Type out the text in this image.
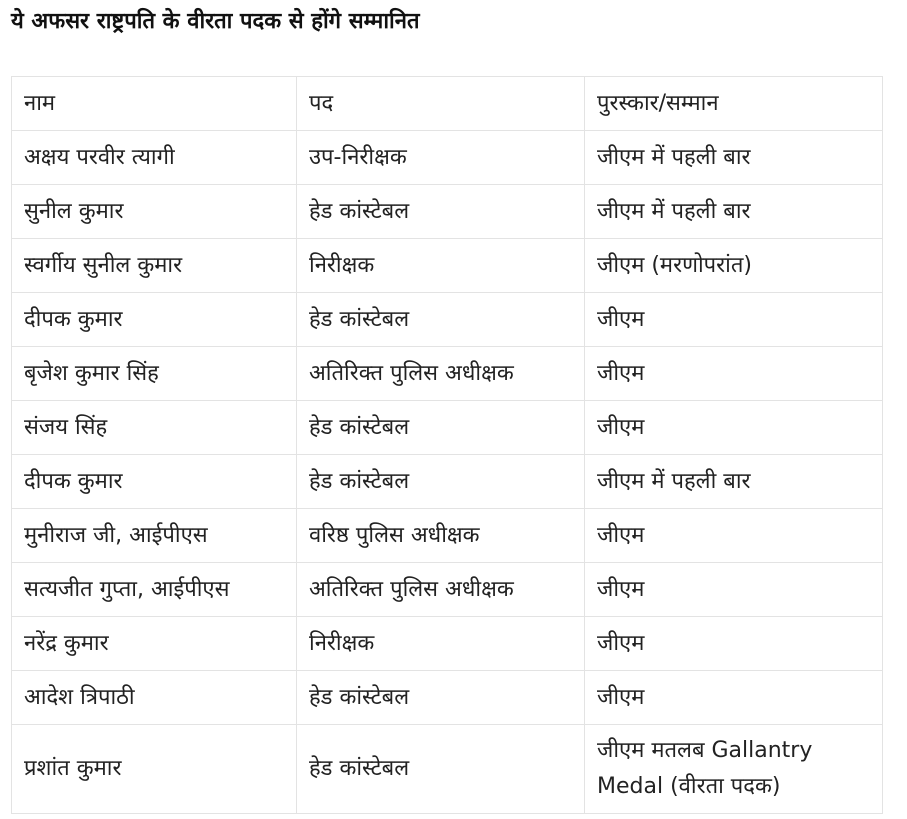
ये अफसर राष्ट्रपति के वीरता पदक से होंगे सम्मानित
नाम	पद	पुरस्कार/सम्मान
अक्षय परवीर त्यागी	उप-निरीक्षक	जीएम में पहली बार
सुनील कुमार	हेड कांस्टेबल	जीएम में पहली बार
स्वर्गीय सुनील कुमार	निरीक्षक	जीएम (मरणोपरांत)
दीपक कुमार	हेड कांस्टेबल	जीएम
बृजेश कुमार सिंह	अतिरिक्त पुलिस अधीक्षक	जीएम
संजय सिंह	हेड कांस्टेबल	जीएम
दीपक कुमार	हेड कांस्टेबल	जीएम में पहली बार
मुनीराज जी, आईपीएस	वरिष्ठ पुलिस अधीक्षक	जीएम
सत्यजीत गुप्ता, आईपीएस	अतिरिक्त पुलिस अधीक्षक	जीएम
नरेंद्र कुमार	निरीक्षक	जीएम
आदेश त्रिपाठी	हेड कांस्टेबल	जीएम
प्रशांत कुमार	हेड कांस्टेबल	जीएम मतलब Gallantry Medal (वीरता पदक)
